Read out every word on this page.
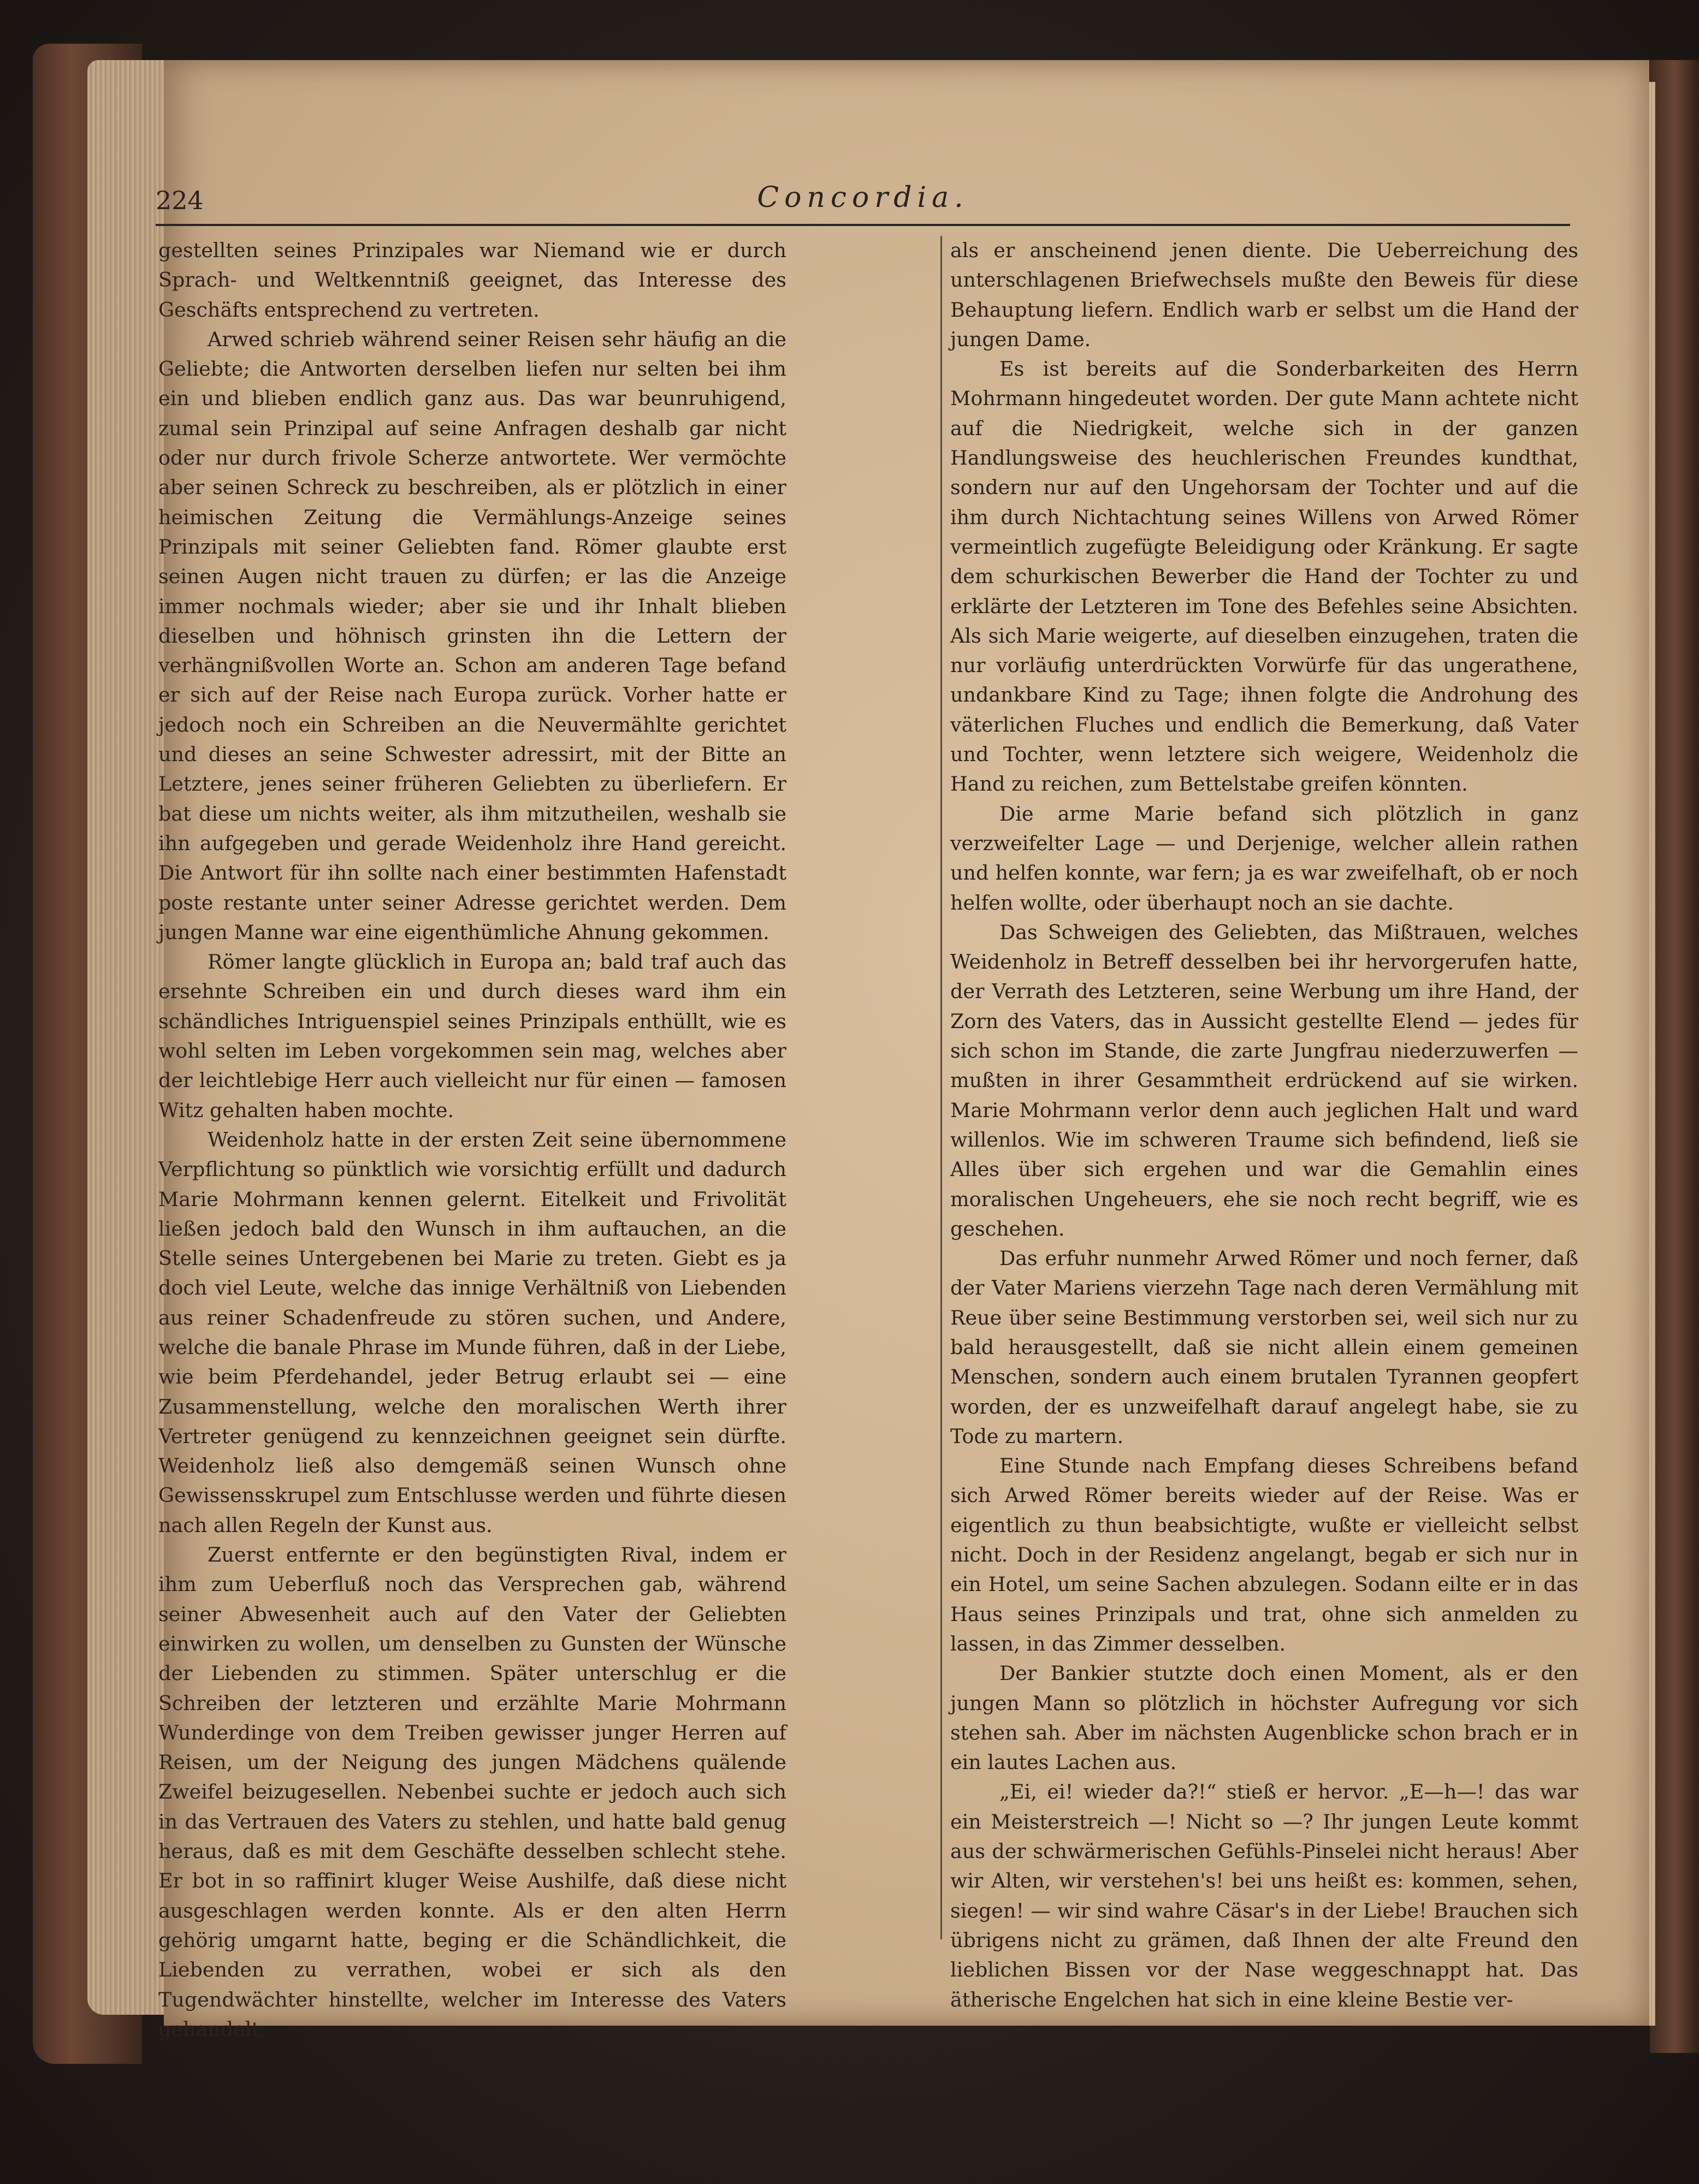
224	Concordia.

gestellten seines Prinzipales war Niemand wie er durch Sprach- und Weltkenntniß geeignet, das Interesse des Geschäfts entsprechend zu vertreten.

Arwed schrieb während seiner Reisen sehr häufig an die Geliebte; die Antworten derselben liefen nur selten bei ihm ein und blieben endlich ganz aus. Das war beunruhigend, zumal sein Prinzipal auf seine Anfragen deshalb gar nicht oder nur durch frivole Scherze antwortete. Wer vermöchte aber seinen Schreck zu beschreiben, als er plötzlich in einer heimischen Zeitung die Vermählungs-Anzeige seines Prinzipals mit seiner Geliebten fand. Römer glaubte erst seinen Augen nicht trauen zu dürfen; er las die Anzeige immer nochmals wieder; aber sie und ihr Inhalt blieben dieselben und höhnisch grinsten ihn die Lettern der verhängnißvollen Worte an. Schon am anderen Tage befand er sich auf der Reise nach Europa zurück. Vorher hatte er jedoch noch ein Schreiben an die Neuvermählte gerichtet und dieses an seine Schwester adressirt, mit der Bitte an Letztere, jenes seiner früheren Geliebten zu überliefern. Er bat diese um nichts weiter, als ihm mitzutheilen, weshalb sie ihn aufgegeben und gerade Weidenholz ihre Hand gereicht. Die Antwort für ihn sollte nach einer bestimmten Hafenstadt poste restante unter seiner Adresse gerichtet werden. Dem jungen Manne war eine eigenthümliche Ahnung gekommen.

Römer langte glücklich in Europa an; bald traf auch das ersehnte Schreiben ein und durch dieses ward ihm ein schändliches Intriguenspiel seines Prinzipals enthüllt, wie es wohl selten im Leben vorgekommen sein mag, welches aber der leichtlebige Herr auch vielleicht nur für einen — famosen Witz gehalten haben mochte.

Weidenholz hatte in der ersten Zeit seine übernommene Verpflichtung so pünktlich wie vorsichtig erfüllt und dadurch Marie Mohrmann kennen gelernt. Eitelkeit und Frivolität ließen jedoch bald den Wunsch in ihm auftauchen, an die Stelle seines Untergebenen bei Marie zu treten. Giebt es ja doch viel Leute, welche das innige Verhältniß von Liebenden aus reiner Schadenfreude zu stören suchen, und Andere, welche die banale Phrase im Munde führen, daß in der Liebe, wie beim Pferdehandel, jeder Betrug erlaubt sei — eine Zusammenstellung, welche den moralischen Werth ihrer Vertreter genügend zu kennzeichnen geeignet sein dürfte. Weidenholz ließ also demgemäß seinen Wunsch ohne Gewissensskrupel zum Entschlusse werden und führte diesen nach allen Regeln der Kunst aus.

Zuerst entfernte er den begünstigten Rival, indem er ihm zum Ueberfluß noch das Versprechen gab, während seiner Abwesenheit auch auf den Vater der Geliebten einwirken zu wollen, um denselben zu Gunsten der Wünsche der Liebenden zu stimmen. Später unterschlug er die Schreiben der letzteren und erzählte Marie Mohrmann Wunderdinge von dem Treiben gewisser junger Herren auf Reisen, um der Neigung des jungen Mädchens quälende Zweifel beizugesellen. Nebenbei suchte er jedoch auch sich in das Vertrauen des Vaters zu stehlen, und hatte bald genug heraus, daß es mit dem Geschäfte desselben schlecht stehe. Er bot in so raffinirt kluger Weise Aushilfe, daß diese nicht ausgeschlagen werden konnte. Als er den alten Herrn gehörig umgarnt hatte, beging er die Schändlichkeit, die Liebenden zu verrathen, wobei er sich als den Tugendwächter hinstellte, welcher im Interesse des Vaters gehandelt,

als er anscheinend jenen diente. Die Ueberreichung des unterschlagenen Briefwechsels mußte den Beweis für diese Behauptung liefern. Endlich warb er selbst um die Hand der jungen Dame.

Es ist bereits auf die Sonderbarkeiten des Herrn Mohrmann hingedeutet worden. Der gute Mann achtete nicht auf die Niedrigkeit, welche sich in der ganzen Handlungsweise des heuchlerischen Freundes kundthat, sondern nur auf den Ungehorsam der Tochter und auf die ihm durch Nichtachtung seines Willens von Arwed Römer vermeintlich zugefügte Beleidigung oder Kränkung. Er sagte dem schurkischen Bewerber die Hand der Tochter zu und erklärte der Letzteren im Tone des Befehles seine Absichten. Als sich Marie weigerte, auf dieselben einzugehen, traten die nur vorläufig unterdrückten Vorwürfe für das ungerathene, undankbare Kind zu Tage; ihnen folgte die Androhung des väterlichen Fluches und endlich die Bemerkung, daß Vater und Tochter, wenn letztere sich weigere, Weidenholz die Hand zu reichen, zum Bettelstabe greifen könnten.

Die arme Marie befand sich plötzlich in ganz verzweifelter Lage — und Derjenige, welcher allein rathen und helfen konnte, war fern; ja es war zweifelhaft, ob er noch helfen wollte, oder überhaupt noch an sie dachte.

Das Schweigen des Geliebten, das Mißtrauen, welches Weidenholz in Betreff desselben bei ihr hervorgerufen hatte, der Verrath des Letzteren, seine Werbung um ihre Hand, der Zorn des Vaters, das in Aussicht gestellte Elend — jedes für sich schon im Stande, die zarte Jungfrau niederzuwerfen — mußten in ihrer Gesammtheit erdrückend auf sie wirken. Marie Mohrmann verlor denn auch jeglichen Halt und ward willenlos. Wie im schweren Traume sich befindend, ließ sie Alles über sich ergehen und war die Gemahlin eines moralischen Ungeheuers, ehe sie noch recht begriff, wie es geschehen.

Das erfuhr nunmehr Arwed Römer und noch ferner, daß der Vater Mariens vierzehn Tage nach deren Vermählung mit Reue über seine Bestimmung verstorben sei, weil sich nur zu bald herausgestellt, daß sie nicht allein einem gemeinen Menschen, sondern auch einem brutalen Tyrannen geopfert worden, der es unzweifelhaft darauf angelegt habe, sie zu Tode zu martern.

Eine Stunde nach Empfang dieses Schreibens befand sich Arwed Römer bereits wieder auf der Reise. Was er eigentlich zu thun beabsichtigte, wußte er vielleicht selbst nicht. Doch in der Residenz angelangt, begab er sich nur in ein Hotel, um seine Sachen abzulegen. Sodann eilte er in das Haus seines Prinzipals und trat, ohne sich anmelden zu lassen, in das Zimmer desselben.

Der Bankier stutzte doch einen Moment, als er den jungen Mann so plötzlich in höchster Aufregung vor sich stehen sah. Aber im nächsten Augenblicke schon brach er in ein lautes Lachen aus.

„Ei, ei! wieder da?!“ stieß er hervor. „E—h—! das war ein Meisterstreich —! Nicht so —? Ihr jungen Leute kommt aus der schwärmerischen Gefühls-Pinselei nicht heraus! Aber wir Alten, wir verstehen's! bei uns heißt es: kommen, sehen, siegen! — wir sind wahre Cäsar's in der Liebe! Brauchen sich übrigens nicht zu grämen, daß Ihnen der alte Freund den lieblichen Bissen vor der Nase weggeschnappt hat. Das ätherische Engelchen hat sich in eine kleine Bestie ver-
